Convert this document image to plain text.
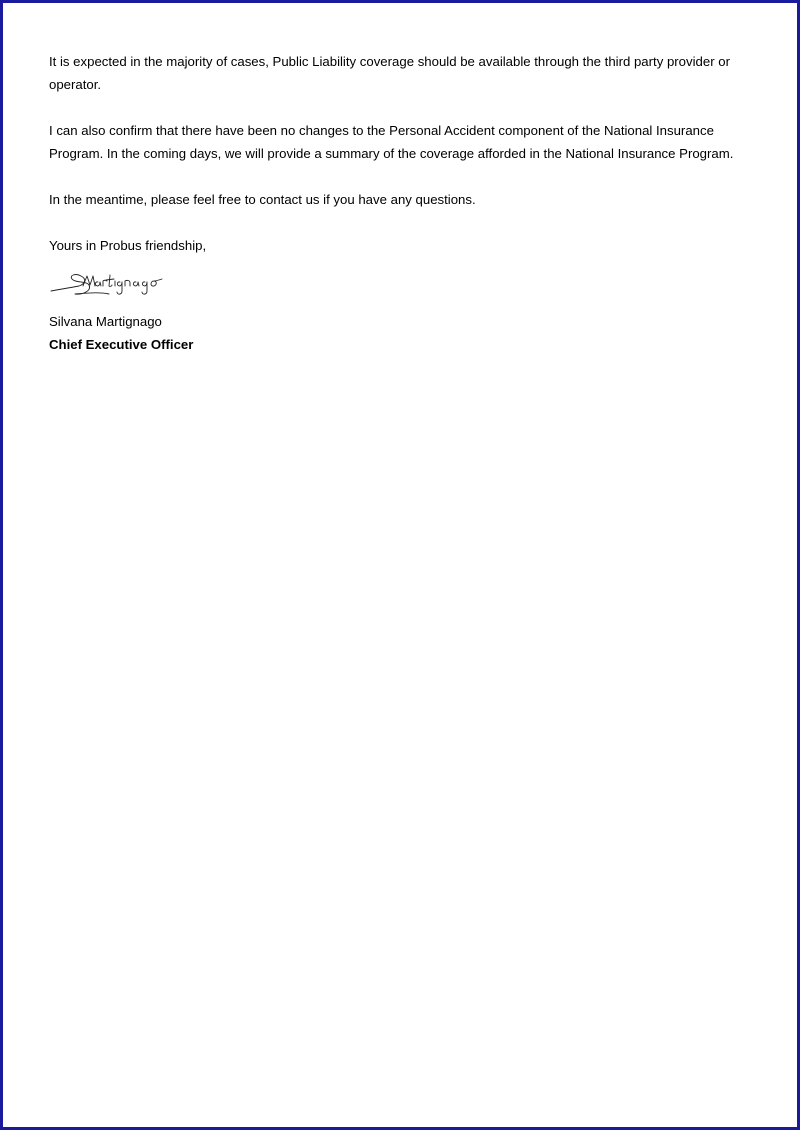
It is expected in the majority of cases, Public Liability coverage should be available through the third party provider or operator.

I can also confirm that there have been no changes to the Personal Accident component of the National Insurance Program. In the coming days, we will provide a summary of the coverage afforded in the National Insurance Program.

In the meantime, please feel free to contact us if you have any questions.

Yours in Probus friendship,

Silvana Martignago
Chief Executive Officer
